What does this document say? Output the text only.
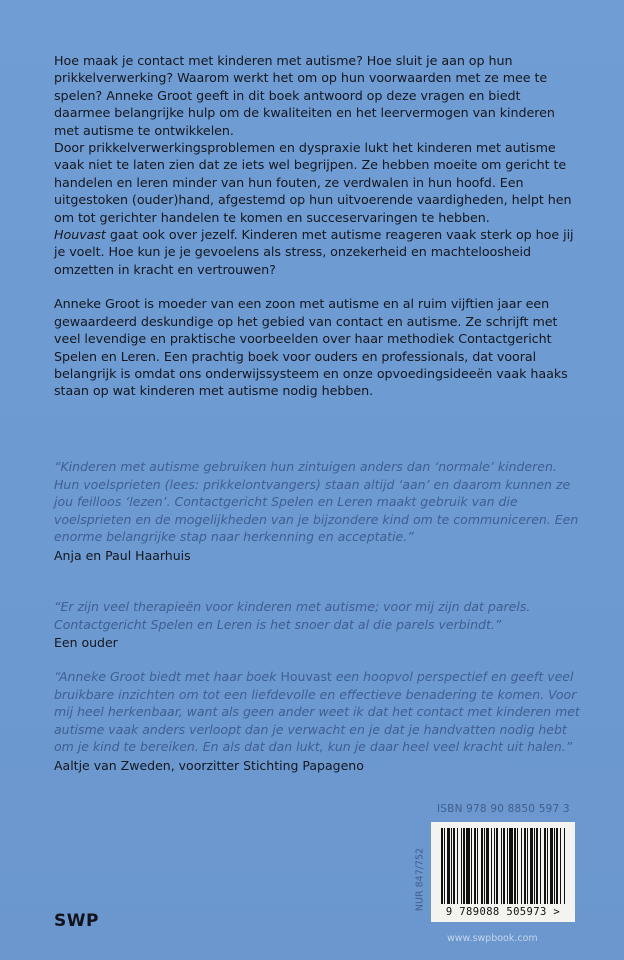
Hoe maak je contact met kinderen met autisme? Hoe sluit je aan op hun prikkelverwerking? Waarom werkt het om op hun voorwaarden met ze mee te spelen? Anneke Groot geeft in dit boek antwoord op deze vragen en biedt daarmee belangrijke hulp om de kwaliteiten en het leervermogen van kinderen met autisme te ontwikkelen.

Door prikkelverwerkingsproblemen en dyspraxie lukt het kinderen met autisme vaak niet te laten zien dat ze iets wel begrijpen. Ze hebben moeite om gericht te handelen en leren minder van hun fouten, ze verdwalen in hun hoofd. Een uitgestoken (ouder)hand, afgestemd op hun uitvoerende vaardigheden, helpt hen om tot gerichter handelen te komen en succeservaringen te hebben.

Houvast gaat ook over jezelf. Kinderen met autisme reageren vaak sterk op hoe jij je voelt. Hoe kun je je gevoelens als stress, onzekerheid en machteloosheid omzetten in kracht en vertrouwen?

Anneke Groot is moeder van een zoon met autisme en al ruim vijftien jaar een gewaardeerd deskundige op het gebied van contact en autisme. Ze schrijft met veel levendige en praktische voorbeelden over haar methodiek Contactgericht Spelen en Leren. Een prachtig boek voor ouders en professionals, dat vooral belangrijk is omdat ons onderwijssysteem en onze opvoedingsideeën vaak haaks staan op wat kinderen met autisme nodig hebben.

“Kinderen met autisme gebruiken hun zintuigen anders dan ‘normale’ kinderen. Hun voelsprieten (lees: prikkelontvangers) staan altijd ‘aan’ en daarom kunnen ze jou feilloos ‘lezen’. Contactgericht Spelen en Leren maakt gebruik van die voelsprieten en de mogelijkheden van je bijzondere kind om te communiceren. Een enorme belangrijke stap naar herkenning en acceptatie.”
Anja en Paul Haarhuis
“Er zijn veel therapieën voor kinderen met autisme; voor mij zijn dat parels. Contactgericht Spelen en Leren is het snoer dat al die parels verbindt.”
Een ouder
“Anneke Groot biedt met haar boek Houvast een hoopvol perspectief en geeft veel bruikbare inzichten om tot een liefdevolle en effectieve benadering te komen. Voor mij heel herkenbaar, want als geen ander weet ik dat het contact met kinderen met autisme vaak anders verloopt dan je verwacht en je dat je handvatten nodig hebt om je kind te bereiken. En als dat dan lukt, kun je daar heel veel kracht uit halen.”
Aaltje van Zweden, voorzitter Stichting Papageno
ISBN 978 90 8850 597 3
NUR 847/752
9 789088 505973 >
www.swpbook.com
SWP
